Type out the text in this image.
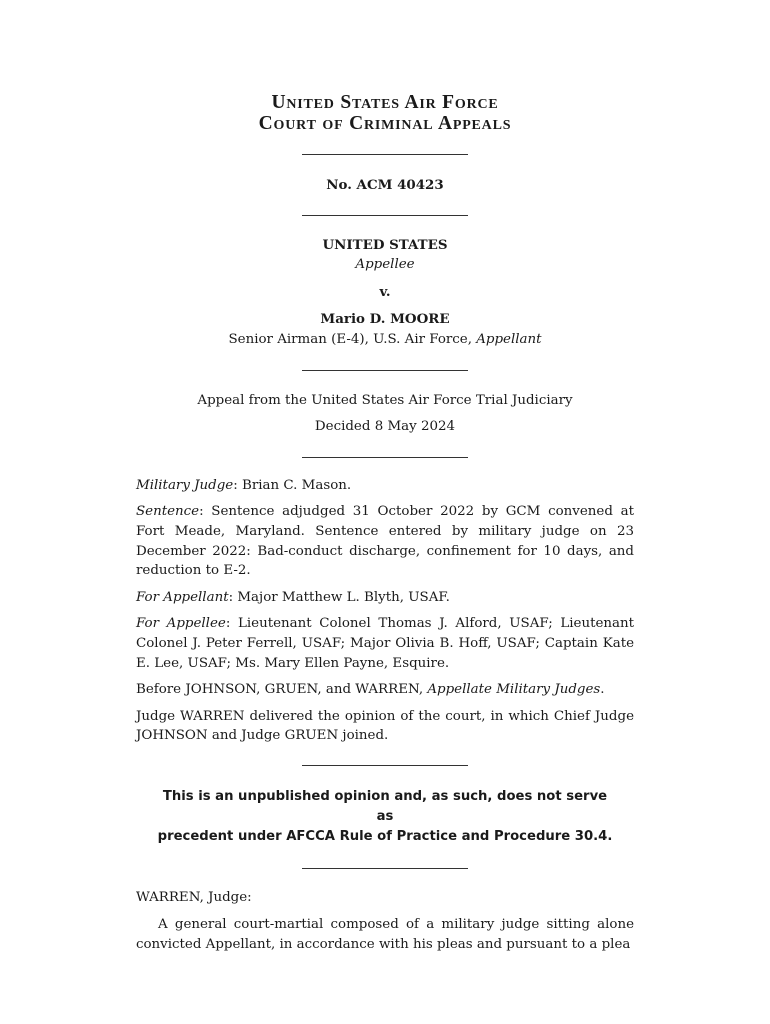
United States Air Force
Court of Criminal Appeals
No. ACM 40423
UNITED STATES
Appellee
v.
Mario D. MOORE
Senior Airman (E-4), U.S. Air Force, Appellant
Appeal from the United States Air Force Trial Judiciary
Decided 8 May 2024

Military Judge: Brian C. Mason.

Sentence: Sentence adjudged 31 October 2022 by GCM convened at Fort Meade, Maryland. Sentence entered by military judge on 23 December 2022: Bad-conduct discharge, confinement for 10 days, and reduction to E-2.

For Appellant: Major Matthew L. Blyth, USAF.

For Appellee: Lieutenant Colonel Thomas J. Alford, USAF; Lieutenant Colonel J. Peter Ferrell, USAF; Major Olivia B. Hoff, USAF; Captain Kate E. Lee, USAF; Ms. Mary Ellen Payne, Esquire.

Before JOHNSON, GRUEN, and WARREN, Appellate Military Judges.

Judge WARREN delivered the opinion of the court, in which Chief Judge JOHNSON and Judge GRUEN joined.

This is an unpublished opinion and, as such, does not serve as
precedent under AFCCA Rule of Practice and Procedure 30.4.

WARREN, Judge:

A general court-martial composed of a military judge sitting alone convicted Appellant, in accordance with his pleas and pursuant to a plea
